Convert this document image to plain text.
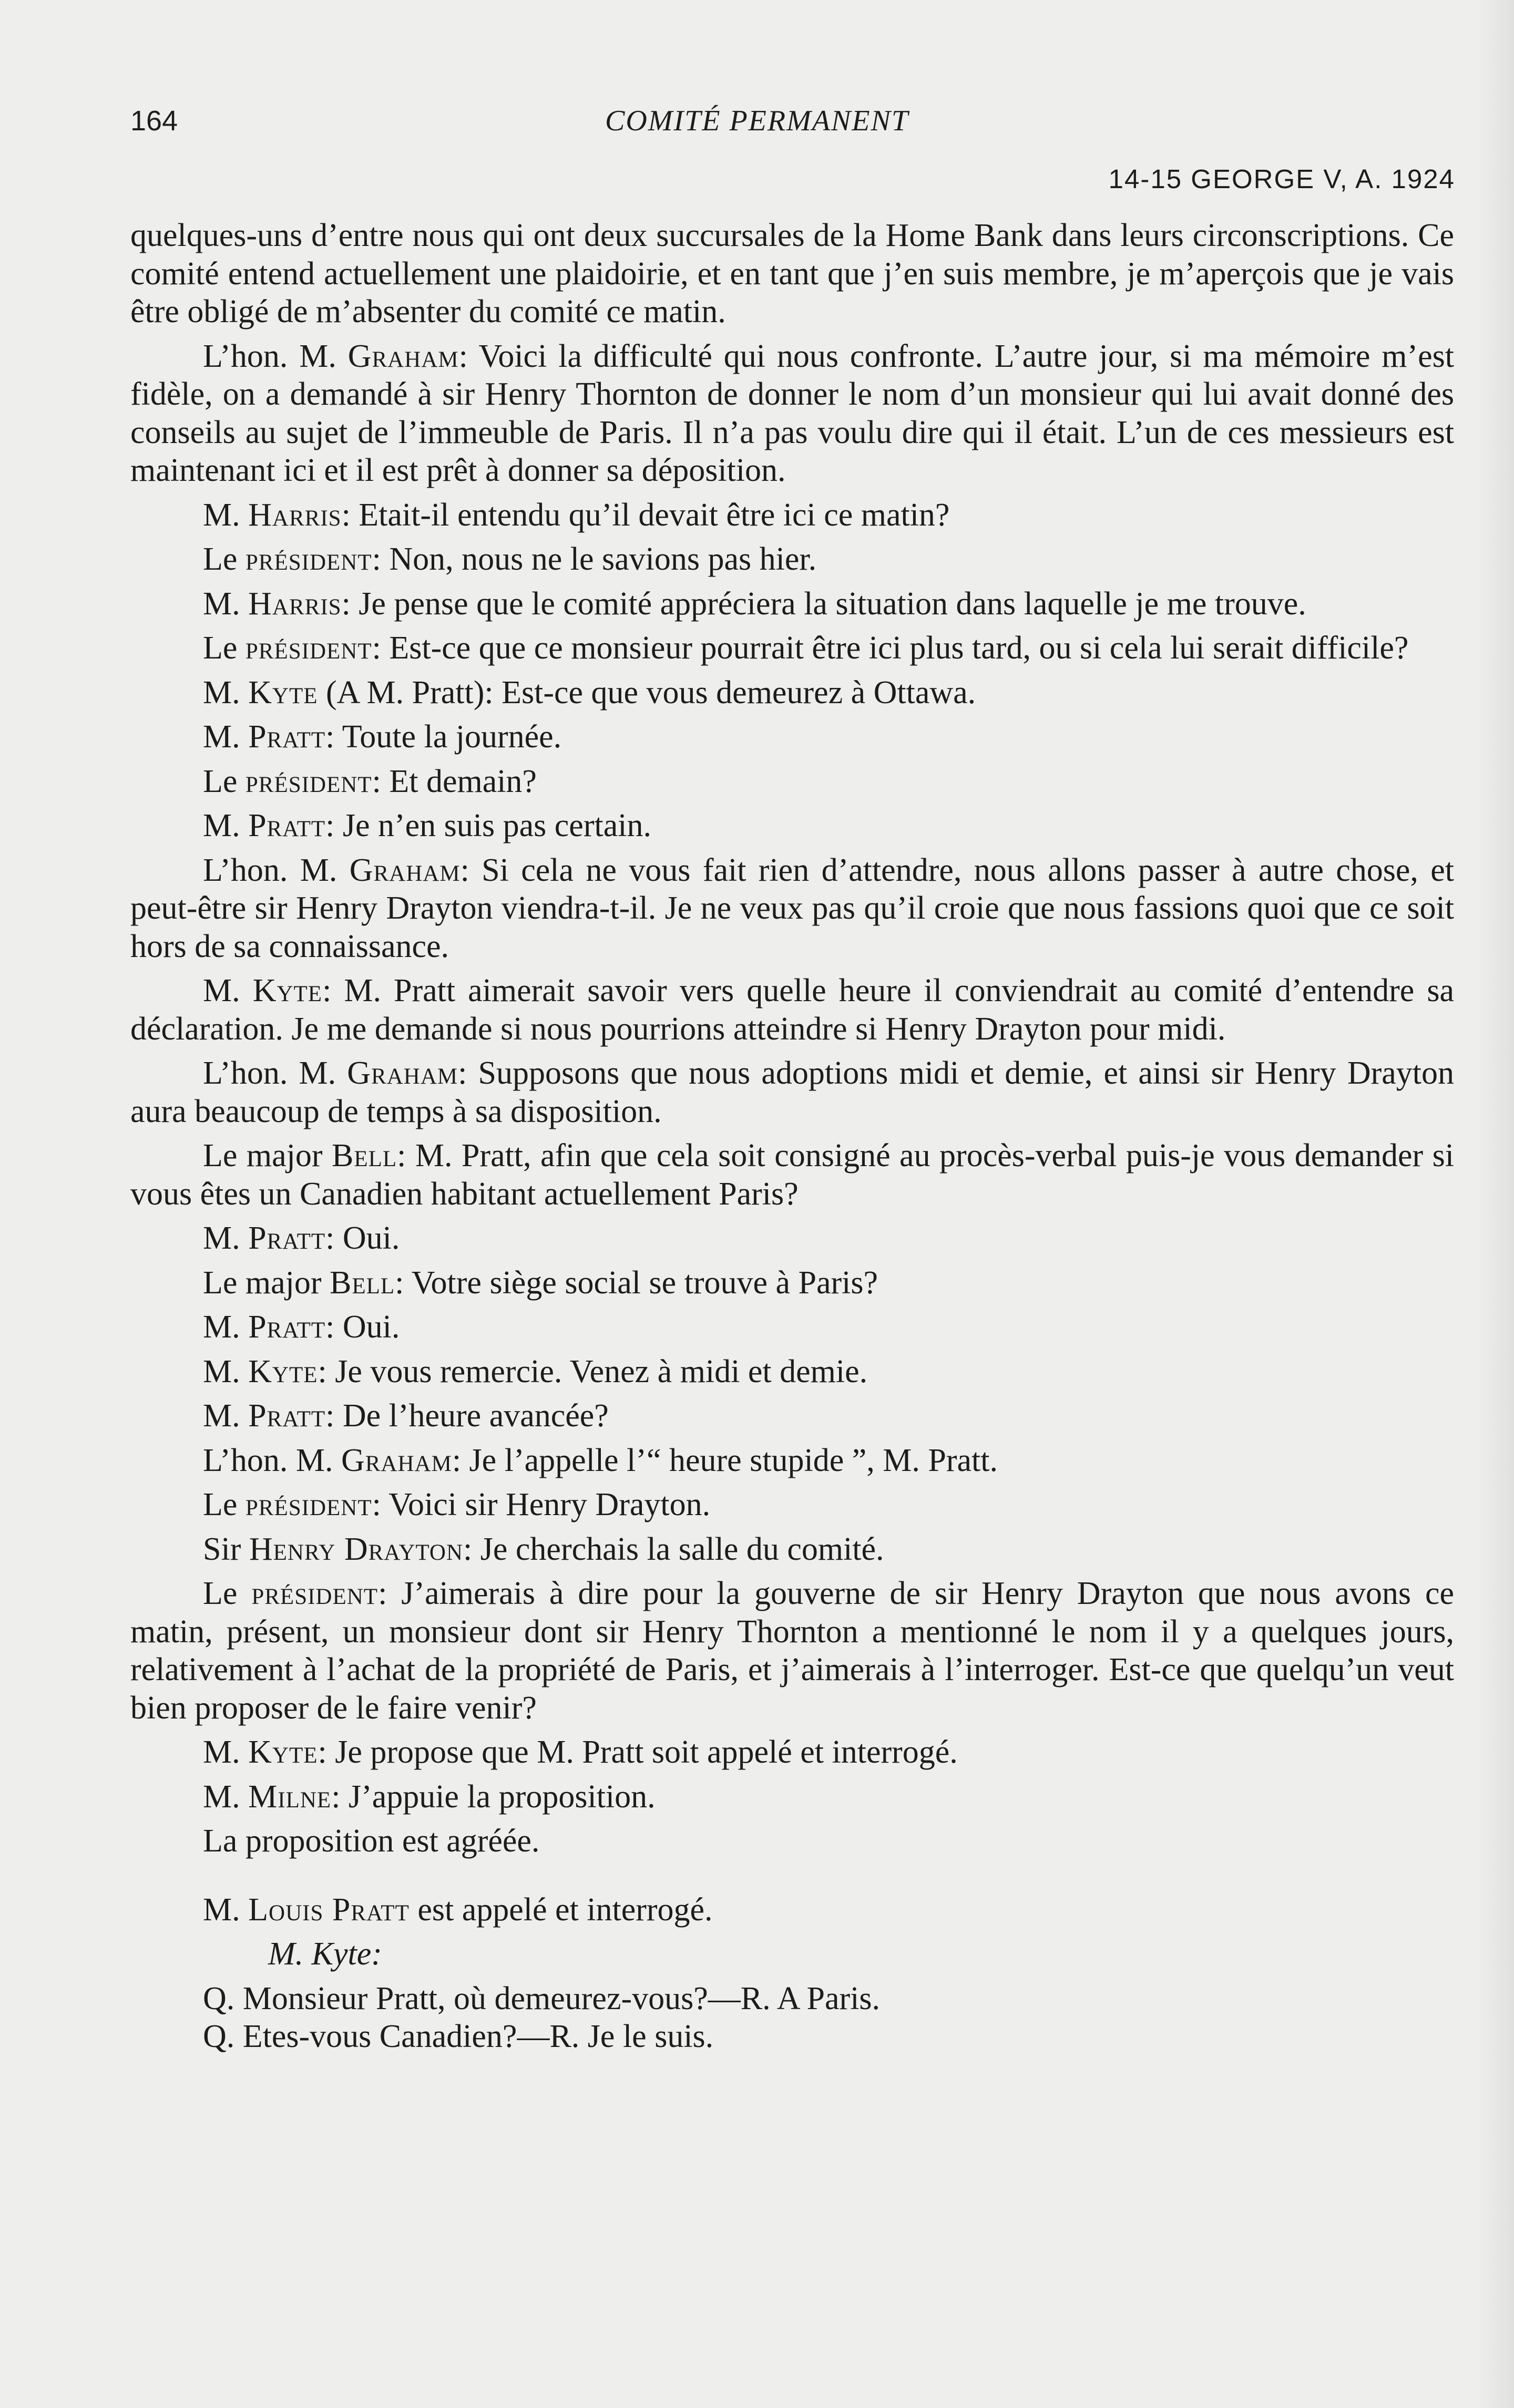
164	COMITÉ PERMANENT
14-15 GEORGE V, A. 1924

quelques-uns d’entre nous qui ont deux succursales de la Home Bank dans leurs circonscriptions. Ce comité entend actuellement une plaidoirie, et en tant que j’en suis membre, je m’aperçois que je vais être obligé de m’absenter du comité ce matin.

L’hon. M. Graham: Voici la difficulté qui nous confronte. L’autre jour, si ma mémoire m’est fidèle, on a demandé à sir Henry Thornton de donner le nom d’un monsieur qui lui avait donné des conseils au sujet de l’immeuble de Paris. Il n’a pas voulu dire qui il était. L’un de ces messieurs est maintenant ici et il est prêt à donner sa déposition.

M. Harris: Etait-il entendu qu’il devait être ici ce matin?

Le président: Non, nous ne le savions pas hier.

M. Harris: Je pense que le comité appréciera la situation dans laquelle je me trouve.

Le président: Est-ce que ce monsieur pourrait être ici plus tard, ou si cela lui serait difficile?

M. Kyte (A M. Pratt): Est-ce que vous demeurez à Ottawa.

M. Pratt: Toute la journée.

Le président: Et demain?

M. Pratt: Je n’en suis pas certain.

L’hon. M. Graham: Si cela ne vous fait rien d’attendre, nous allons passer à autre chose, et peut-être sir Henry Drayton viendra-t-il. Je ne veux pas qu’il croie que nous fassions quoi que ce soit hors de sa connaissance.

M. Kyte: M. Pratt aimerait savoir vers quelle heure il conviendrait au comité d’entendre sa déclaration. Je me demande si nous pourrions atteindre si Henry Drayton pour midi.

L’hon. M. Graham: Supposons que nous adoptions midi et demie, et ainsi sir Henry Drayton aura beaucoup de temps à sa disposition.

Le major Bell: M. Pratt, afin que cela soit consigné au procès-verbal puis-je vous demander si vous êtes un Canadien habitant actuellement Paris?

M. Pratt: Oui.

Le major Bell: Votre siège social se trouve à Paris?

M. Pratt: Oui.

M. Kyte: Je vous remercie. Venez à midi et demie.

M. Pratt: De l’heure avancée?

L’hon. M. Graham: Je l’appelle l’“ heure stupide ”, M. Pratt.

Le président: Voici sir Henry Drayton.

Sir Henry Drayton: Je cherchais la salle du comité.

Le président: J’aimerais à dire pour la gouverne de sir Henry Drayton que nous avons ce matin, présent, un monsieur dont sir Henry Thornton a mentionné le nom il y a quelques jours, relativement à l’achat de la propriété de Paris, et j’aimerais à l’interroger. Est-ce que quelqu’un veut bien proposer de le faire venir?

M. Kyte: Je propose que M. Pratt soit appelé et interrogé.

M. Milne: J’appuie la proposition.

La proposition est agréée.

M. Louis Pratt est appelé et interrogé.

M. Kyte:

Q. Monsieur Pratt, où demeurez-vous?—R. A Paris.

Q. Etes-vous Canadien?—R. Je le suis.
